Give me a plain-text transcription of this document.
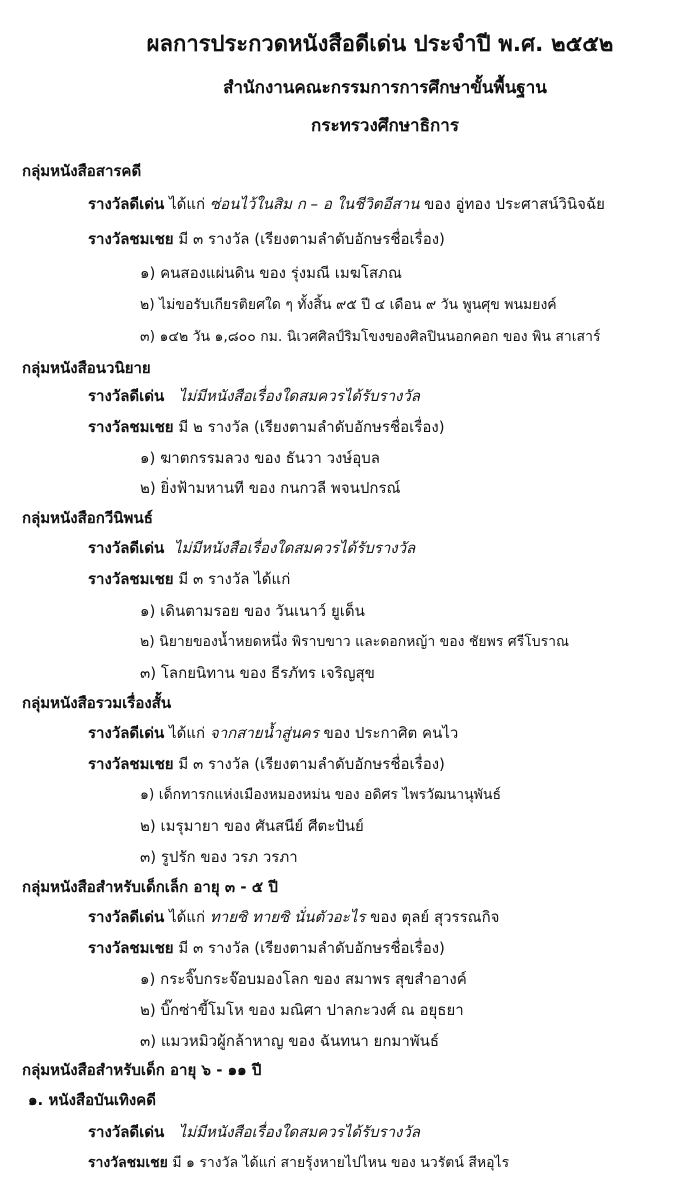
ผลการประกวดหนังสือดีเด่น ประจำปี พ.ศ. ๒๕๕๒
สำนักงานคณะกรรมการการศึกษาขั้นพื้นฐาน
กระทรวงศึกษาธิการ
กลุ่มหนังสือสารคดี
รางวัลดีเด่น ได้แก่ ซ่อนไว้ในสิม ก – อ ในชีวิตอีสาน ของ อู่ทอง ประศาสน์วินิจฉัย
รางวัลชมเชย มี ๓ รางวัล (เรียงตามลำดับอักษรชื่อเรื่อง)
๑) คนสองแผ่นดิน ของ รุ่งมณี เมฆโสภณ
๒) ไม่ขอรับเกียรติยศใด ๆ ทั้งสิ้น ๙๕ ปี ๔ เดือน ๙ วัน พูนศุข พนมยงค์
๓) ๑๔๒ วัน ๑,๘๐๐ กม. นิเวศศิลป์ริมโขงของศิลปินนอกคอก ของ พิน สาเสาร์
กลุ่มหนังสือนวนิยาย
รางวัลดีเด่น ไม่มีหนังสือเรื่องใดสมควรได้รับรางวัล
รางวัลชมเชย มี ๒ รางวัล (เรียงตามลำดับอักษรชื่อเรื่อง)
๑) ฆาตกรรมลวง ของ ธันวา วงษ์อุบล
๒) ยิ่งฟ้ามหานที ของ กนกวลี พจนปกรณ์
กลุ่มหนังสือกวีนิพนธ์
รางวัลดีเด่น ไม่มีหนังสือเรื่องใดสมควรได้รับรางวัล
รางวัลชมเชย มี ๓ รางวัล ได้แก่
๑) เดินตามรอย ของ วันเนาว์ ยูเด็น
๒) นิยายของน้ำหยดหนึ่ง พิราบขาว และดอกหญ้า ของ ชัยพร ศรีโบราณ
๓) โลกยนิทาน ของ ธีรภัทร เจริญสุข
กลุ่มหนังสือรวมเรื่องสั้น
รางวัลดีเด่น ได้แก่ จากสายน้ำสู่นคร ของ ประกาศิต คนไว
รางวัลชมเชย มี ๓ รางวัล (เรียงตามลำดับอักษรชื่อเรื่อง)
๑) เด็กทารกแห่งเมืองหมองหม่น ของ อดิศร ไพรวัฒนานุพันธ์
๒) เมรุมายา ของ ศันสนีย์ ศีตะปันย์
๓) รูปรัก ของ วรภ วรภา
กลุ่มหนังสือสำหรับเด็กเล็ก อายุ ๓ - ๕ ปี
รางวัลดีเด่น ได้แก่ ทายซิ ทายซิ นั่นตัวอะไร ของ ตุลย์ สุวรรณกิจ
รางวัลชมเชย มี ๓ รางวัล (เรียงตามลำดับอักษรชื่อเรื่อง)
๑) กระจิ๊บกระจ๊อบมองโลก ของ สมาพร สุขสำอางค์
๒) บิ๊กซ่าขี้โมโห ของ มณิศา ปาลกะวงศ์ ณ อยุธยา
๓) แมวหมิวผู้กล้าหาญ ของ ฉันทนา ยกมาพันธ์
กลุ่มหนังสือสำหรับเด็ก อายุ ๖ - ๑๑ ปี
๑. หนังสือบันเทิงคดี
รางวัลดีเด่น ไม่มีหนังสือเรื่องใดสมควรได้รับรางวัล
รางวัลชมเชย มี ๑ รางวัล ได้แก่ สายรุ้งหายไปไหน ของ นวรัตน์ สีหอุไร
